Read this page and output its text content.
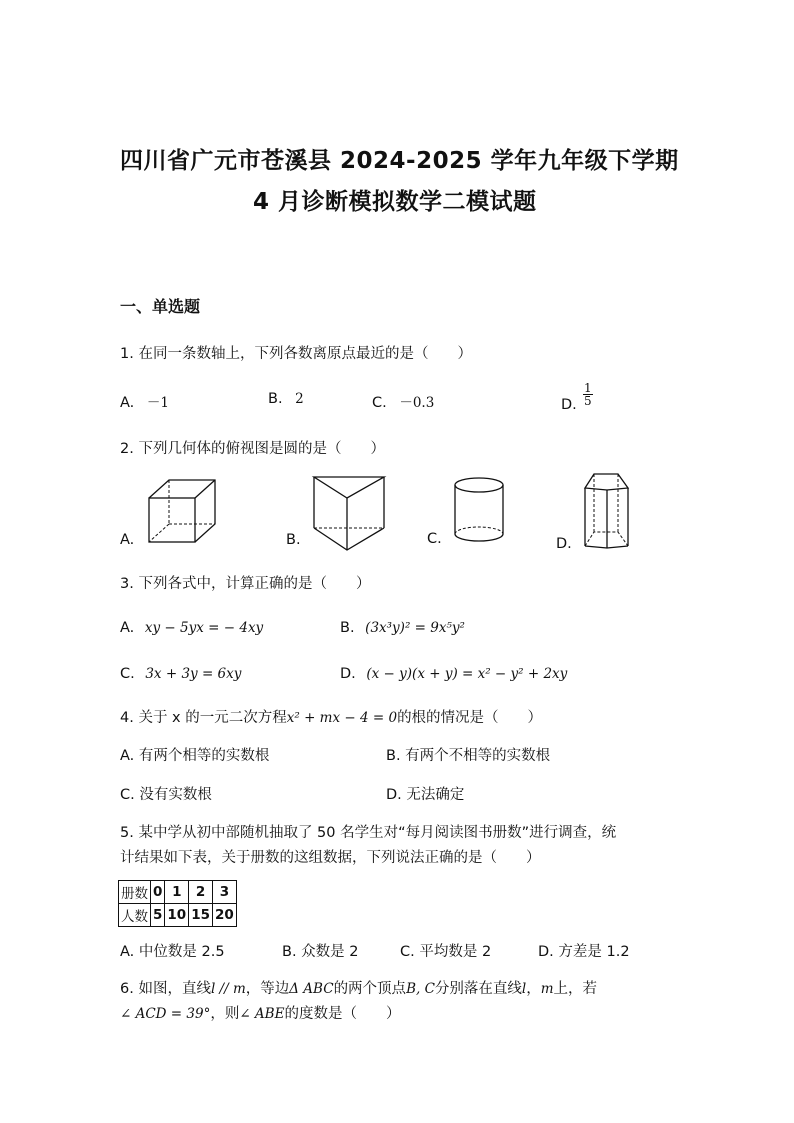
四川省广元市苍溪县 2024-2025 学年九年级下学期
4 月诊断模拟数学二模试题
一、单选题
1. 在同一条数轴上，下列各数离原点最近的是（　　）
A. －1	B. 2	C. －0.3	D. $\frac{1}{5}$
2. 下列几何体的俯视图是圆的是（　　）
A.	B.	C.	D.
3. 下列各式中，计算正确的是（　　）
A. xy − 5yx = − 4xy	B. (3x³y)² = 9x⁵y²
C. 3x + 3y = 6xy	D. (x − y)(x + y) = x² − y² + 2xy
4. 关于 x 的一元二次方程x² + mx − 4 = 0的根的情况是（　　）
A. 有两个相等的实数根	B. 有两个不相等的实数根
C. 没有实数根	D. 无法确定
5. 某中学从初中部随机抽取了 50 名学生对“每月阅读图书册数”进行调查，统
计结果如下表，关于册数的这组数据，下列说法正确的是（　　）
册数	0	1	2	3
人数	5	10	15	20
A. 中位数是 2.5	B. 众数是 2	C. 平均数是 2	D. 方差是 1.2
6. 如图，直线l // m，等边Δ ABC的两个顶点B, C分别落在直线l，m上，若
∠ ACD = 39°，则∠ ABE的度数是（　　）
